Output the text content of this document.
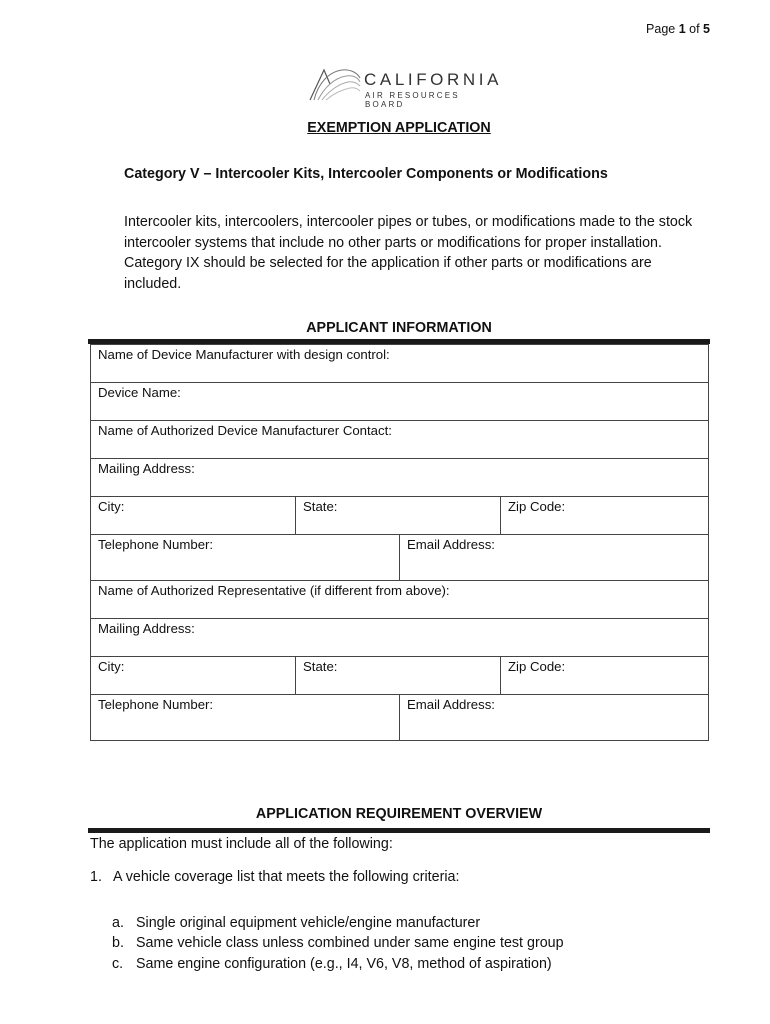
Page 1 of 5
CALIFORNIA
AIR RESOURCES BOARD
EXEMPTION APPLICATION
Category V – Intercooler Kits, Intercooler Components or Modifications
Intercooler kits, intercoolers, intercooler pipes or tubes, or modifications made to the stock intercooler systems that include no other parts or modifications for proper installation. Category IX should be selected for the application if other parts or modifications are included.
APPLICANT INFORMATION
Name of Device Manufacturer with design control:			
Device Name:			
Name of Authorized Device Manufacturer Contact:			
Mailing Address:			
City:	State:		Zip Code:
Telephone Number:		Email Address:	
Name of Authorized Representative (if different from above):			
Mailing Address:			
City:	State:		Zip Code:
Telephone Number:		Email Address:	
APPLICATION REQUIREMENT OVERVIEW
The application must include all of the following:
1. A vehicle coverage list that meets the following criteria:
a. Single original equipment vehicle/engine manufacturer
b. Same vehicle class unless combined under same engine test group
c. Same engine configuration (e.g., I4, V6, V8, method of aspiration)
